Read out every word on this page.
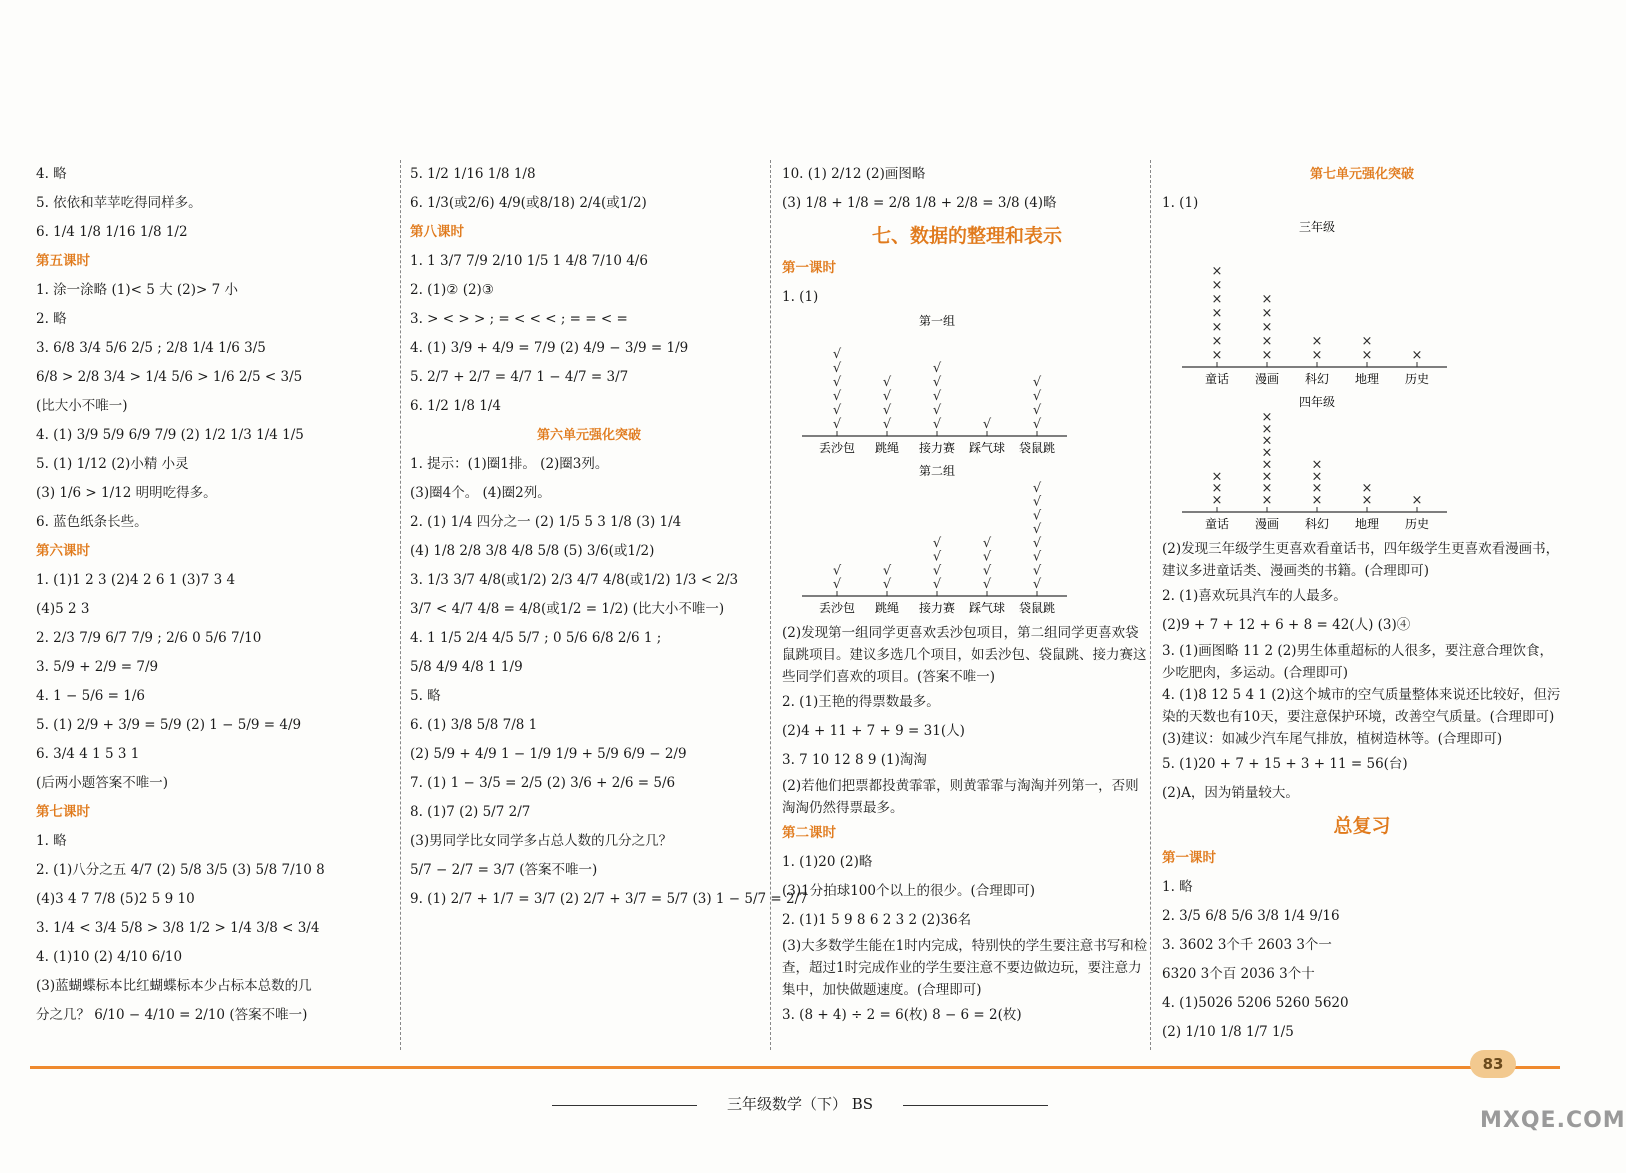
4. 略
5. 依依和苹苹吃得同样多。
6. 1/4 1/8 1/16 1/8 1/2
第五课时
1. 涂一涂略 (1)< 5 大 (2)> 7 小
2. 略
3. 6/8 3/4 5/6 2/5 ; 2/8 1/4 1/6 3/5
6/8 > 2/8 3/4 > 1/4 5/6 > 1/6 2/5 < 3/5
(比大小不唯一)
4. (1) 3/9 5/9 6/9 7/9 (2) 1/2 1/3 1/4 1/5
5. (1) 1/12 (2)小精 小灵
(3) 1/6 > 1/12 明明吃得多。
6. 蓝色纸条长些。
第六课时
1. (1)1 2 3 (2)4 2 6 1 (3)7 3 4
(4)5 2 3
2. 2/3 7/9 6/7 7/9 ; 2/6 0 5/6 7/10
3. 5/9 + 2/9 = 7/9
4. 1 − 5/6 = 1/6
5. (1) 2/9 + 3/9 = 5/9 (2) 1 − 5/9 = 4/9
6. 3/4 4 1 5 3 1
(后两小题答案不唯一)
第七课时
1. 略
2. (1)八分之五 4/7 (2) 5/8 3/5 (3) 5/8 7/10 8
(4)3 4 7 7/8 (5)2 5 9 10
3. 1/4 < 3/4 5/8 > 3/8 1/2 > 1/4 3/8 < 3/4
4. (1)10 (2) 4/10 6/10
(3)蓝蝴蝶标本比红蝴蝶标本少占标本总数的几
分之几？ 6/10 − 4/10 = 2/10 (答案不唯一)
5. 1/2 1/16 1/8 1/8
6. 1/3(或2/6) 4/9(或8/18) 2/4(或1/2)
第八课时
1. 1 3/7 7/9 2/10 1/5 1 4/8 7/10 4/6
2. (1)② (2)③
3. > < > > ; = < < < ; = = < =
4. (1) 3/9 + 4/9 = 7/9 (2) 4/9 − 3/9 = 1/9
5. 2/7 + 2/7 = 4/7 1 − 4/7 = 3/7
6. 1/2 1/8 1/4
第六单元强化突破
1. 提示：(1)圈1排。 (2)圈3列。
(3)圈4个。 (4)圈2列。
2. (1) 1/4 四分之一 (2) 1/5 5 3 1/8 (3) 1/4
(4) 1/8 2/8 3/8 4/8 5/8 (5) 3/6(或1/2)
3. 1/3 3/7 4/8(或1/2) 2/3 4/7 4/8(或1/2) 1/3 < 2/3
3/7 < 4/7 4/8 = 4/8(或1/2 = 1/2) (比大小不唯一)
4. 1 1/5 2/4 4/5 5/7 ; 0 5/6 6/8 2/6 1 ;
5/8 4/9 4/8 1 1/9
5. 略
6. (1) 3/8 5/8 7/8 1
(2) 5/9 + 4/9 1 − 1/9 1/9 + 5/9 6/9 − 2/9
7. (1) 1 − 3/5 = 2/5 (2) 3/6 + 2/6 = 5/6
8. (1)7 (2) 5/7 2/7
(3)男同学比女同学多占总人数的几分之几？
5/7 − 2/7 = 3/7 (答案不唯一)
9. (1) 2/7 + 1/7 = 3/7 (2) 2/7 + 3/7 = 5/7 (3) 1 − 5/7 = 2/7
10. (1) 2/12 (2)画图略
(3) 1/8 + 1/8 = 2/8 1/8 + 2/8 = 3/8 (4)略
七、数据的整理和表示
第一课时
1. (1)
第一组
丢沙包
√
√
√
√
√
√
跳绳
√
√
√
√
接力赛
√
√
√
√
√
踩气球
√
袋鼠跳
√
√
√
√
第二组
丢沙包
√
√
跳绳
√
√
接力赛
√
√
√
√
踩气球
√
√
√
√
袋鼠跳
√
√
√
√
√
√
√
√
(2)发现第一组同学更喜欢丢沙包项目，第二组同学更喜欢袋鼠跳项目。建议多选几个项目，如丢沙包、袋鼠跳、接力赛这些同学们喜欢的项目。(答案不唯一)
2. (1)王艳的得票数最多。
(2)4 + 11 + 7 + 9 = 31(人)
3. 7 10 12 8 9 (1)淘淘
(2)若他们把票都投黄霏霏，则黄霏霏与淘淘并列第一，否则淘淘仍然得票最多。
第二课时
1. (1)20 (2)略
(3)1分拍球100个以上的很少。(合理即可)
2. (1)1 5 9 8 6 2 3 2 (2)36名
(3)大多数学生能在1时内完成，特别快的学生要注意书写和检查，超过1时完成作业的学生要注意不要边做边玩，要注意力集中，加快做题速度。(合理即可)
3. (8 + 4) ÷ 2 = 6(枚) 8 − 6 = 2(枚)
第七单元强化突破
1. (1)
三年级
童话
×
×
×
×
×
×
×
漫画
×
×
×
×
×
科幻
×
×
地理
×
×
历史
×
四年级
童话
×
×
×
漫画
×
×
×
×
×
×
×
×
科幻
×
×
×
×
地理
×
×
历史
×
(2)发现三年级学生更喜欢看童话书，四年级学生更喜欢看漫画书，建议多进童话类、漫画类的书籍。(合理即可)
2. (1)喜欢玩具汽车的人最多。
(2)9 + 7 + 12 + 6 + 8 = 42(人) (3)④
3. (1)画图略 11 2 (2)男生体重超标的人很多，要注意合理饮食，少吃肥肉，多运动。(合理即可)
4. (1)8 12 5 4 1 (2)这个城市的空气质量整体来说还比较好，但污染的天数也有10天，要注意保护环境，改善空气质量。(合理即可)
(3)建议：如减少汽车尾气排放，植树造林等。(合理即可)
5. (1)20 + 7 + 15 + 3 + 11 = 56(台)
(2)A，因为销量较大。
总复习
第一课时
1. 略
2. 3/5 6/8 5/6 3/8 1/4 9/16
3. 3602 3个千 2603 3个一
6320 3个百 2036 3个十
4. (1)5026 5206 5260 5620
(2) 1/10 1/8 1/7 1/5
83
三年级数学（下） BS
MXQE.COM
